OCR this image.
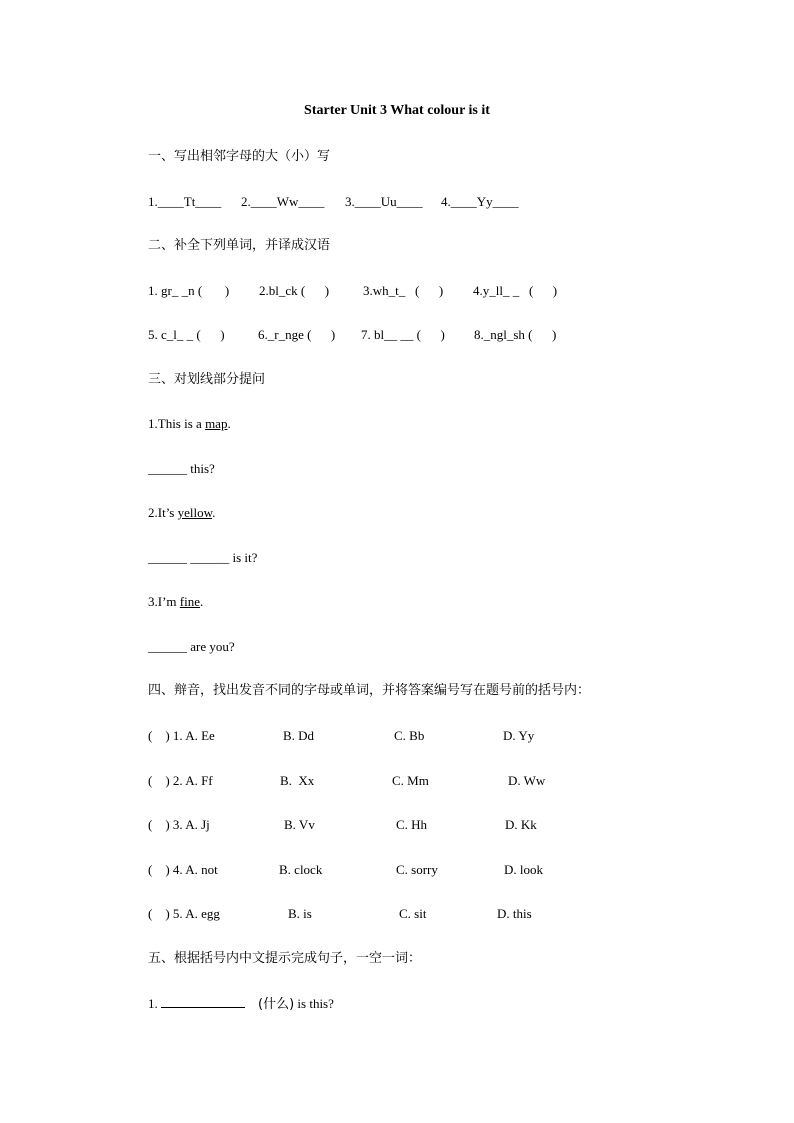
Starter Unit 3 What colour is it
一、写出相邻字母的大（小）写
1.____Tt____ 2.____Ww____ 3.____Uu____ 4.____Yy____
二、补全下列单词，并译成汉语
1. gr_ _n (       ) 2.bl_ck (      )	3.wh_t_   (      ) 4.y_ll_ _   (      )
5. c_l_ _ (      )	6._r_nge (      ) 7. bl__ __ (      ) 8._ngl_sh (      )
三、对划线部分提问
1.This is a map.
______ this?
2.It’s yellow.
______ ______ is it?
3.I’m fine.
______ are you?
四、辩音，找出发音不同的字母或单词，并将答案编号写在题号前的括号内：
(    ) 1. A. Ee	B. Dd	C. Bb	D. Yy
(    ) 2. A. Ff	B.  Xx	C. Mm	D. Ww
(    ) 3. A. Jj	B. Vv	C. Hh	D. Kk
(    ) 4. A. not	B. clock	C. sorry	D. look
(    ) 5. A. egg	B. is	C. sit	D. this
五、根据括号内中文提示完成句子，一空一词：
1.	(什么) is this?
